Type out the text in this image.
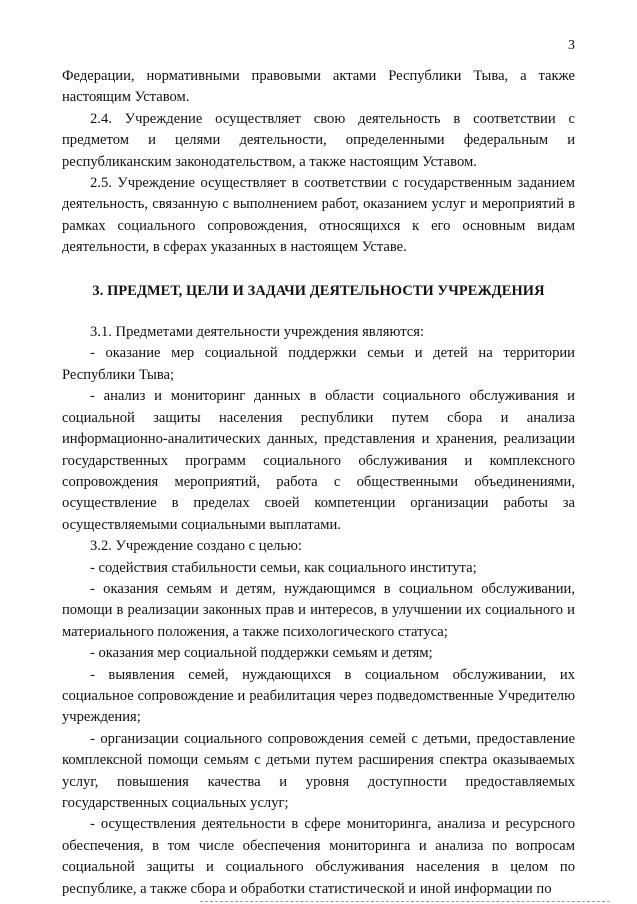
3

Федерации, нормативными правовыми актами Республики Тыва, а также настоящим Уставом.

2.4. Учреждение осуществляет свою деятельность в соответствии с предметом и целями деятельности, определенными федеральным и республиканским законодательством, а также настоящим Уставом.

2.5. Учреждение осуществляет в соответствии с государственным заданием деятельность, связанную с выполнением работ, оказанием услуг и мероприятий в рамках социального сопровождения, относящихся к его основным видам деятельности, в сферах указанных в настоящем Уставе.

3. ПРЕДМЕТ, ЦЕЛИ И ЗАДАЧИ ДЕЯТЕЛЬНОСТИ УЧРЕЖДЕНИЯ

3.1. Предметами деятельности учреждения являются:

- оказание мер социальной поддержки семьи и детей на территории Республики Тыва;

- анализ и мониторинг данных в области социального обслуживания и социальной защиты населения республики путем сбора и анализа информационно-аналитических данных, представления и хранения, реализации государственных программ социального обслуживания и комплексного сопровождения мероприятий, работа с общественными объединениями, осуществление в пределах своей компетенции организации работы за осуществляемыми социальными выплатами.

3.2. Учреждение создано с целью:

- содействия стабильности семьи, как социального института;

- оказания семьям и детям, нуждающимся в социальном обслуживании, помощи в реализации законных прав и интересов, в улучшении их социального и материального положения, а также психологического статуса;

- оказания мер социальной поддержки семьям и детям;

- выявления семей, нуждающихся в социальном обслуживании, их социальное сопровождение и реабилитация через подведомственные Учредителю учреждения;

- организации социального сопровождения семей с детьми, предоставление комплексной помощи семьям с детьми путем расширения спектра оказываемых услуг, повышения качества и уровня доступности предоставляемых государственных социальных услуг;

- осуществления деятельности в сфере мониторинга, анализа и ресурсного обеспечения, в том числе обеспечения мониторинга и анализа по вопросам социальной защиты и социального обслуживания населения в целом по республике, а также сбора и обработки статистической и иной информации по
